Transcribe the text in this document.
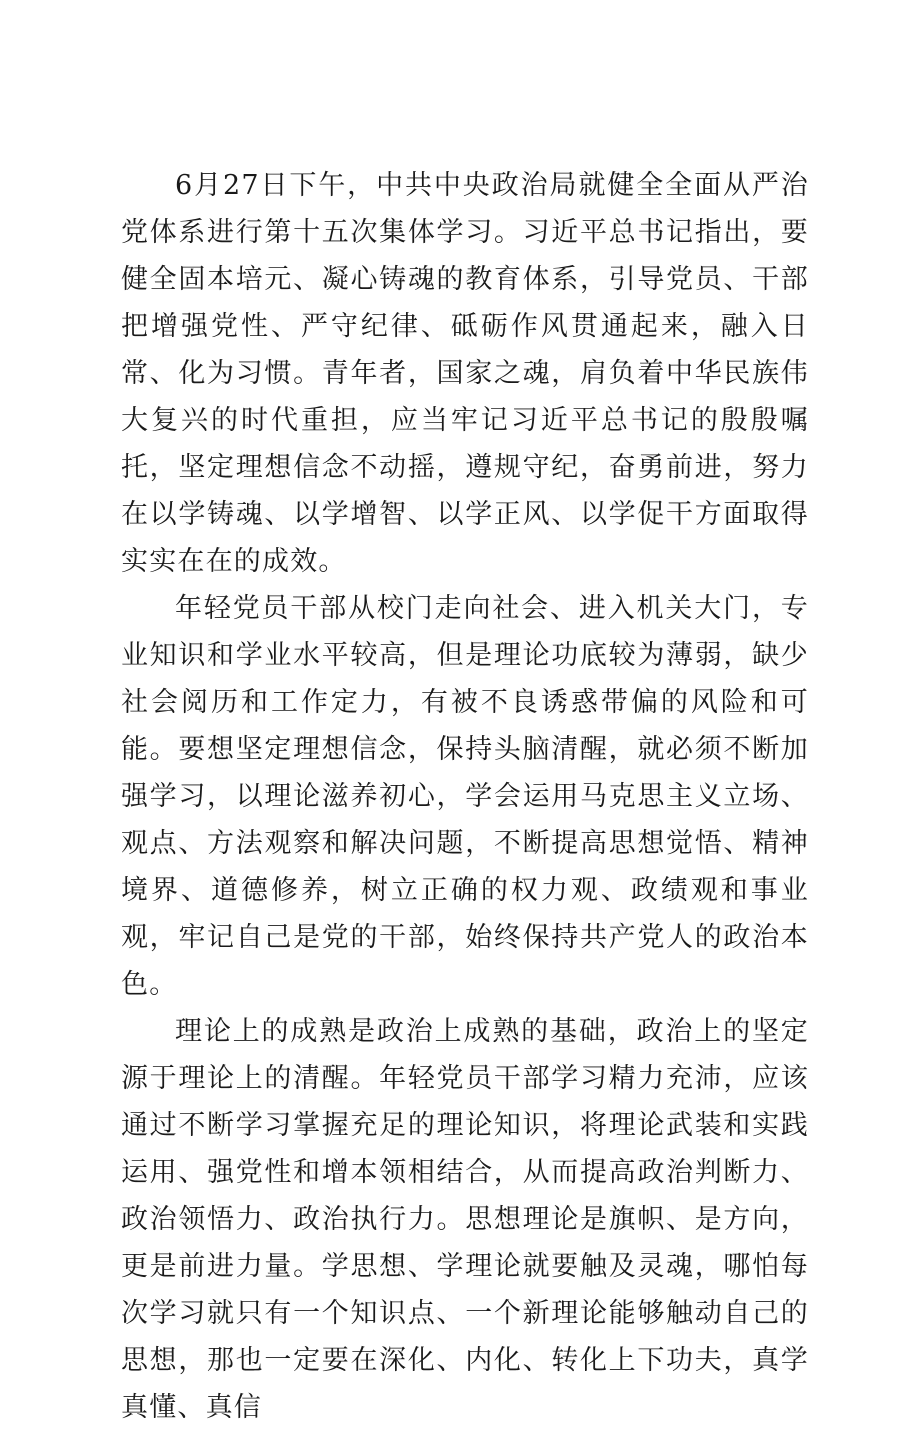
6月27日下午，中共中央政治局就健全全面从严治党体系进行第十五次集体学习。习近平总书记指出，要健全固本培元、凝心铸魂的教育体系，引导党员、干部把增强党性、严守纪律、砥砺作风贯通起来，融入日常、化为习惯。青年者，国家之魂，肩负着中华民族伟大复兴的时代重担，应当牢记习近平总书记的殷殷嘱托，坚定理想信念不动摇，遵规守纪，奋勇前进，努力在以学铸魂、以学增智、以学正风、以学促干方面取得实实在在的成效。

年轻党员干部从校门走向社会、进入机关大门，专业知识和学业水平较高，但是理论功底较为薄弱，缺少社会阅历和工作定力，有被不良诱惑带偏的风险和可能。要想坚定理想信念，保持头脑清醒，就必须不断加强学习，以理论滋养初心，学会运用马克思主义立场、观点、方法观察和解决问题，不断提高思想觉悟、精神境界、道德修养，树立正确的权力观、政绩观和事业观，牢记自己是党的干部，始终保持共产党人的政治本色。

理论上的成熟是政治上成熟的基础，政治上的坚定源于理论上的清醒。年轻党员干部学习精力充沛，应该通过不断学习掌握充足的理论知识，将理论武装和实践运用、强党性和增本领相结合，从而提高政治判断力、政治领悟力、政治执行力。思想理论是旗帜、是方向，更是前进力量。学思想、学理论就要触及灵魂，哪怕每次学习就只有一个知识点、一个新理论能够触动自己的思想，那也一定要在深化、内化、转化上下功夫，真学真懂、真信
